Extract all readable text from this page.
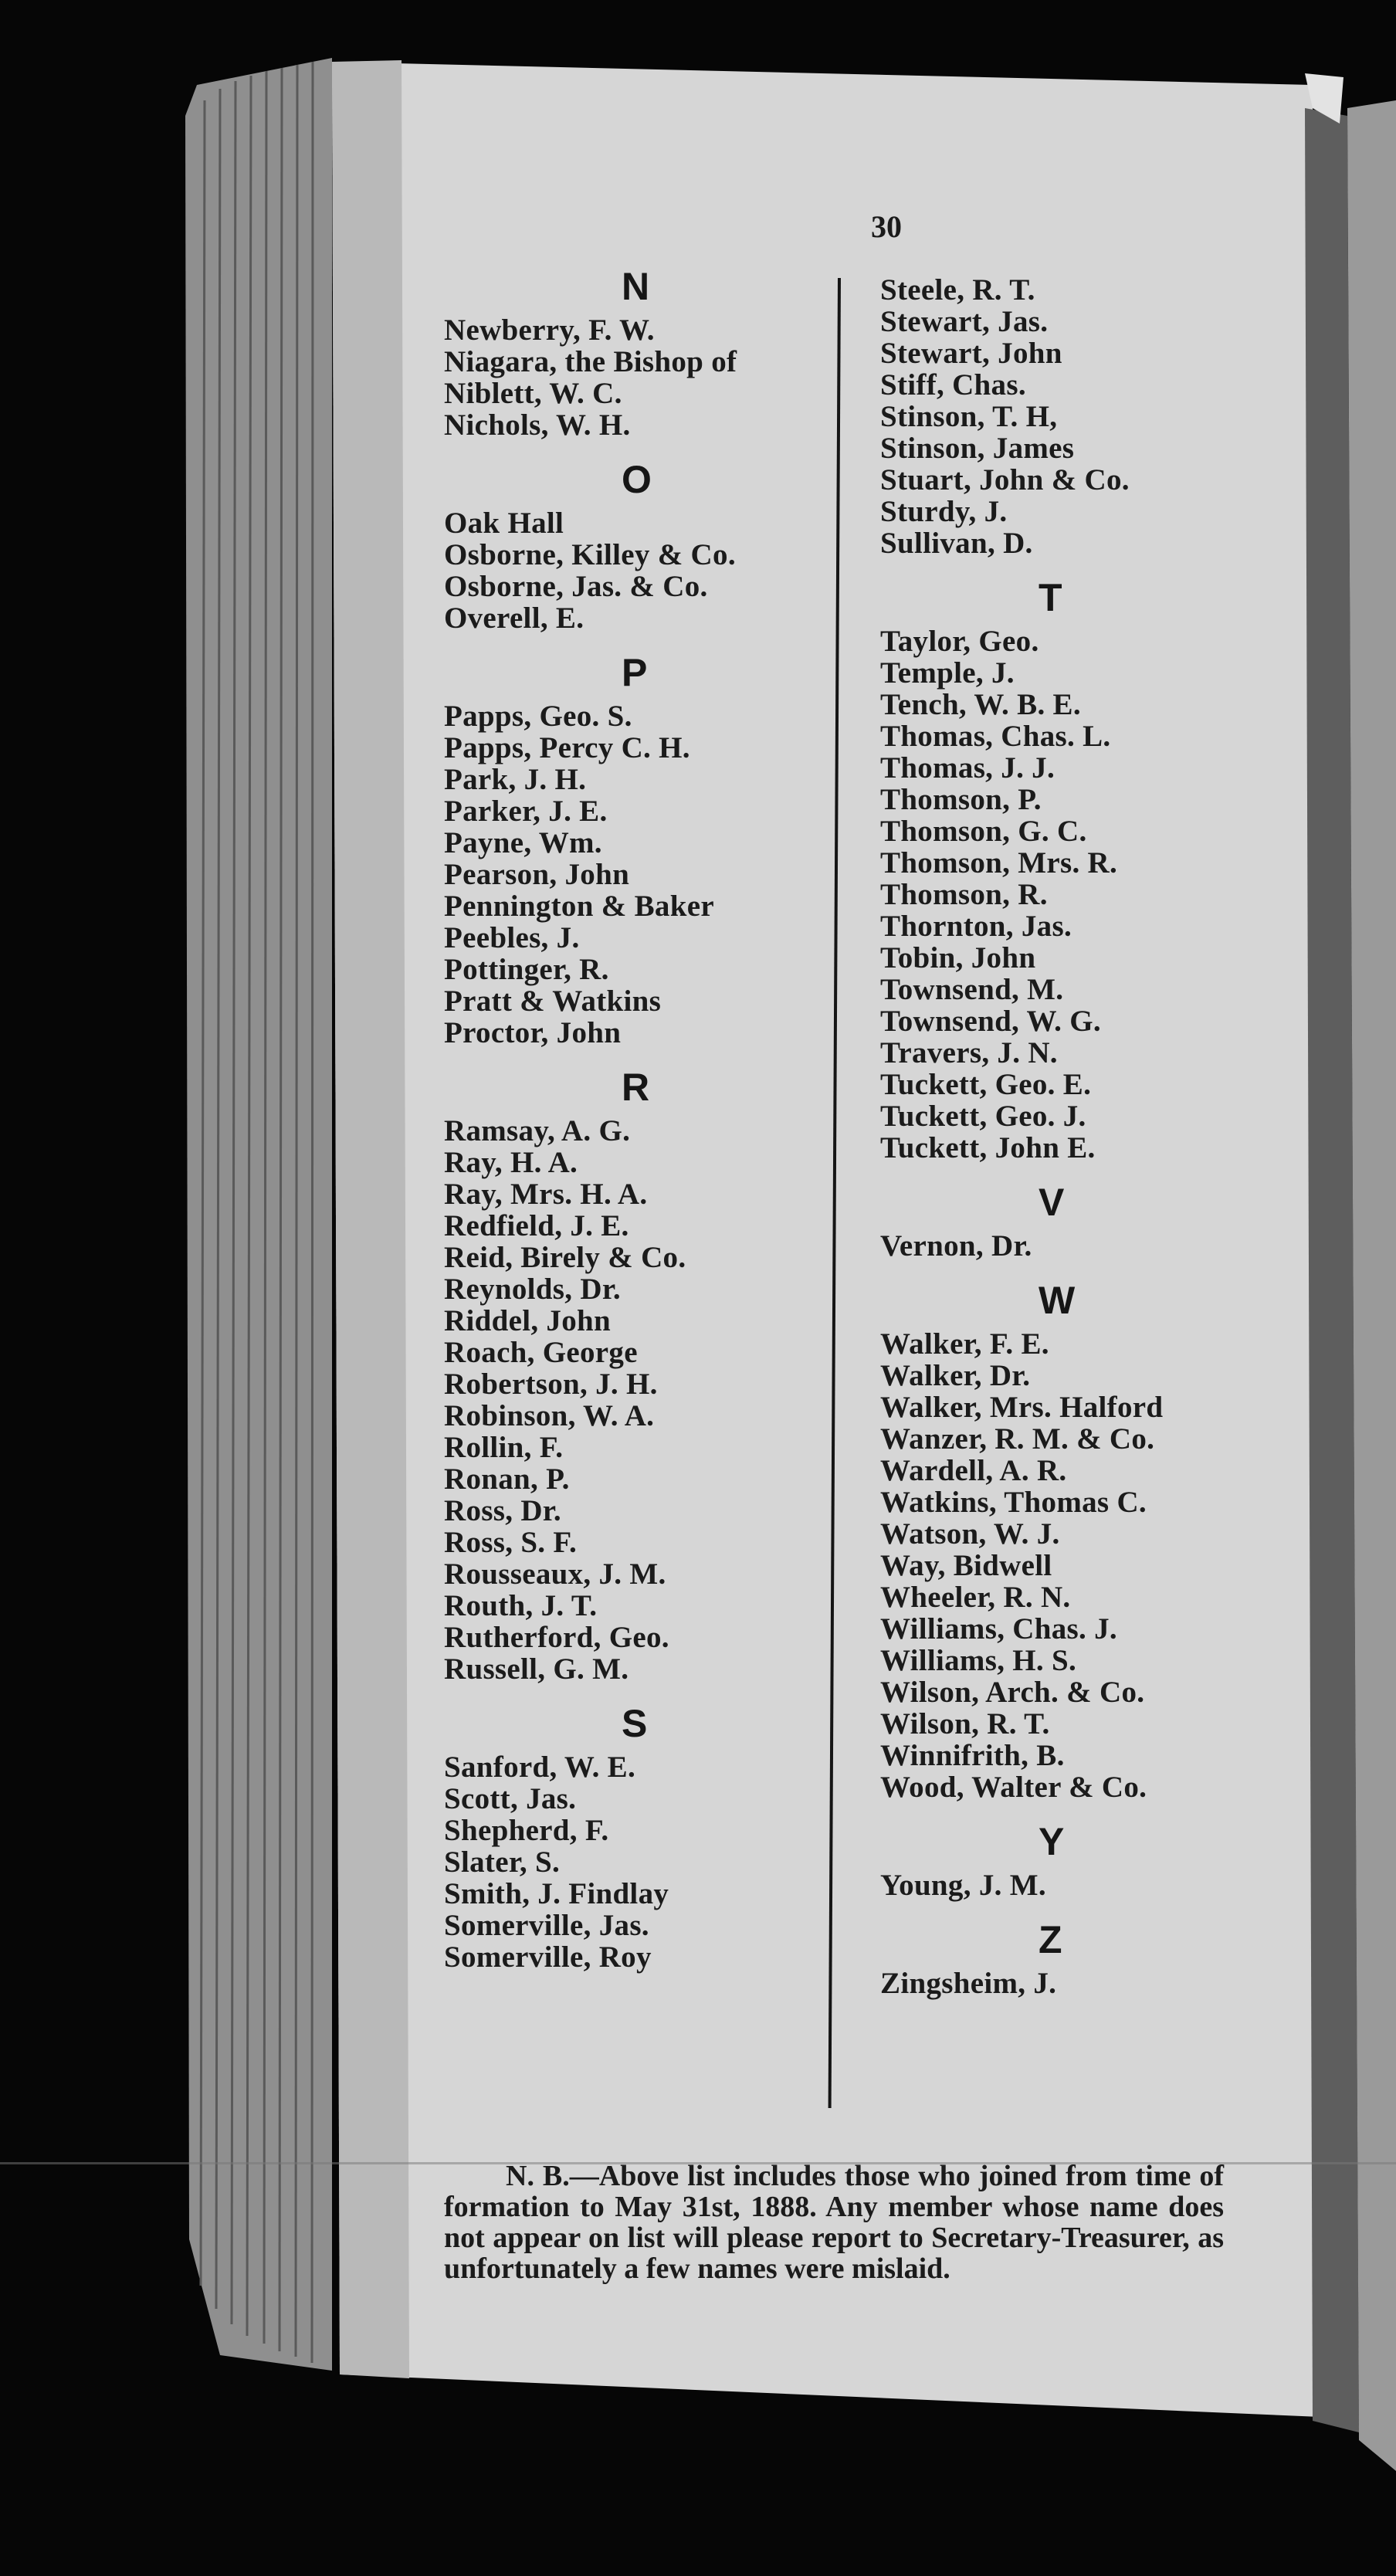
30
N
Newberry, F. W.
Niagara, the Bishop of
Niblett, W. C.
Nichols, W. H.
O
Oak Hall
Osborne, Killey & Co.
Osborne, Jas. & Co.
Overell, E.
P
Papps, Geo. S.
Papps, Percy C. H.
Park, J. H.
Parker, J. E.
Payne, Wm.
Pearson, John
Pennington & Baker
Peebles, J.
Pottinger, R.
Pratt & Watkins
Proctor, John
R
Ramsay, A. G.
Ray, H. A.
Ray, Mrs. H. A.
Redfield, J. E.
Reid, Birely & Co.
Reynolds, Dr.
Riddel, John
Roach, George
Robertson, J. H.
Robinson, W. A.
Rollin, F.
Ronan, P.
Ross, Dr.
Ross, S. F.
Rousseaux, J. M.
Routh, J. T.
Rutherford, Geo.
Russell, G. M.
S
Sanford, W. E.
Scott, Jas.
Shepherd, F.
Slater, S.
Smith, J. Findlay
Somerville, Jas.
Somerville, Roy
Steele, R. T.
Stewart, Jas.
Stewart, John
Stiff, Chas.
Stinson, T. H,
Stinson, James
Stuart, John & Co.
Sturdy, J.
Sullivan, D.
T
Taylor, Geo.
Temple, J.
Tench, W. B. E.
Thomas, Chas. L.
Thomas, J. J.
Thomson, P.
Thomson, G. C.
Thomson, Mrs. R.
Thomson, R.
Thornton, Jas.
Tobin, John
Townsend, M.
Townsend, W. G.
Travers, J. N.
Tuckett, Geo. E.
Tuckett, Geo. J.
Tuckett, John E.
V
Vernon, Dr.
W
Walker, F. E.
Walker, Dr.
Walker, Mrs. Halford
Wanzer, R. M. & Co.
Wardell, A. R.
Watkins, Thomas C.
Watson, W. J.
Way, Bidwell
Wheeler, R. N.
Williams, Chas. J.
Williams, H. S.
Wilson, Arch. & Co.
Wilson, R. T.
Winnifrith, B.
Wood, Walter & Co.
Y
Young, J. M.
Z
Zingsheim, J.

N. B.—Above list includes those who joined from time of formation to May 31st, 1888. Any member whose name does not appear on list will please report to Secretary-Treasurer, as unfortunately a few names were mislaid.
